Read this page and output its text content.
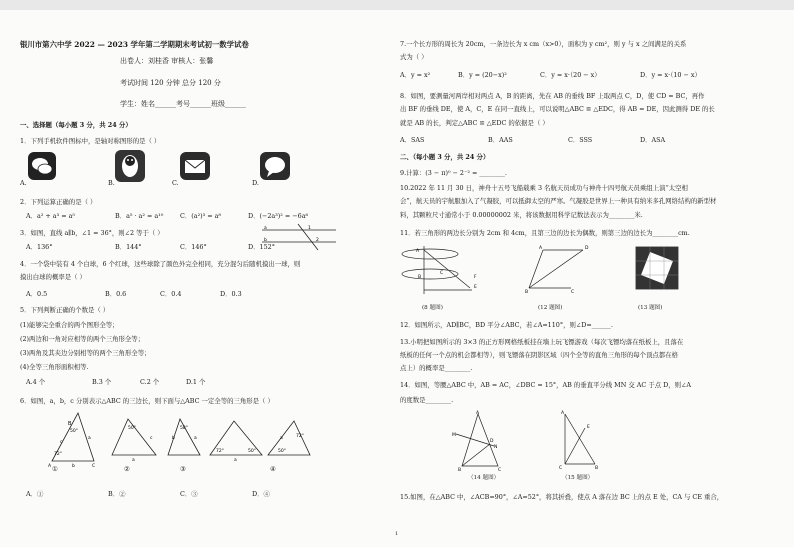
银川市第六中学 2022 — 2023 学年第二学期期末考试初一数学试卷
出卷人：刘桂香 审核人：张馨
考试时间 120 分钟 总分 120 分
学生：姓名______考号______班级______
一、选择题（每小题 3 分，共 24 分）
1．下列手机软件图标中，是轴对称图形的是（ ）
A.	B.	C.	D.
2．下列运算正确的是（ ）
A．a² + a³ = a⁵	B．a⁵ · a² = a¹⁰	C．(a²)³ = a⁸	D．(−2a³)² = −6a⁶
3．如图，直线 a∥b，∠1 = 36°，则∠2 等于（ ）
a
b
1
2
A．136°	B．144°	C．146°	D．152°
4．一个袋中装有 4 个白球，6 个红球，这些球除了颜色外完全相同，充分混匀后随机摸出一球，则
摸出白球的概率是（ ）
A．0.5	B．0.6	C．0.4	D．0.3
5．下列判断正确的个数是（ ）
(1)能够完全重合的两个图形全等；
(2)两边和一角对应相等的两个三角形全等；
(3)两角及其夹边分别相等的两个三角形全等；
(4)全等三角形面积相等.
A.4 个	B.3 个	C.2 个	D.1 个
6．如图，a，b，c 分别表示△ABC 的三边长，则下面与△ABC 一定全等的三角形是（ ）
B
50°
72°
A	C
c
a
b
50°
a
c
58°
b	a
72°	50°
a
50°
72°
a
①	②	③	④
A．①	B．②	C．③	D．④
7.一个长方形的周长为 20cm，一条边长为 x cm（x>0），面积为 y cm²，则 y 与 x 之间满足的关系
式为（ ）
A．y = x²	B．y = (20−x)²	C．y = x·（20 − x）	D．y = x·（10 − x）
8．如图，要测量河两岸相对两点 A，B 的距离，先在 AB 的垂线 BF 上取两点 C，D，使 CD = BC，再作
出 BF 的垂线 DE，使 A，C，E 在同一直线上，可以说明△ABC ≌ △EDC，得 AB = DE，因此测得 DE 的长
就是 AB 的长，判定△ABC ≌ △EDC 的依据是（ ）
A．SAS	B．AAS	C．SSS	D．ASA
二、（每小题 3 分，共 24 分）
9.计算：(3 − π)⁰ − 2⁻² = ________.
10.2022 年 11 月 30 日，神舟十五号飞船载乘 3 名航天员成功与神舟十四号航天员乘组上演“太空相
会”，航天员的宇航服加入了气凝胶，可以抵御太空的严寒。气凝胶是世界上一种具有纳米多孔网络结构的新型材
料，其颗粒尺寸通常小于 0.00000002 米，将该数据用科学记数法表示为________米.
11．若三角形的两边长分别为 2cm 和 4cm，且第三边的边长为偶数，则第三边的边长为________cm.
A
B
C
E
F
A	D
B	C
(8 题图)	(12 题图)	(13 题图)
12．如图所示，AD∥BC，BD 平分∠ABC，若∠A=110°，则∠D=______.
13.小明把如图所示的 3×3 的正方形网格纸板挂在墙上玩飞镖游戏（每次飞镖均落在纸板上，且落在
纸板的任何一个点的机会都相等），则飞镖落在阴影区域（四个全等的直角三角形的每个顶点都在格
点上）的概率是________.
14．如图，等腰△ABC 中，AB = AC，∠DBC = 15°，AB 的垂直平分线 MN 交 AC 于点 D，则∠A
的度数是________.
A
M
N
D
B	C
A
C	B
E
（14 题图）	（15 题图）
15.如图，在△ABC 中，∠ACB=90°，∠A=52°，将其折叠，使点 A 落在边 BC 上的点 E 处，CA 与 CE 重合，
1
